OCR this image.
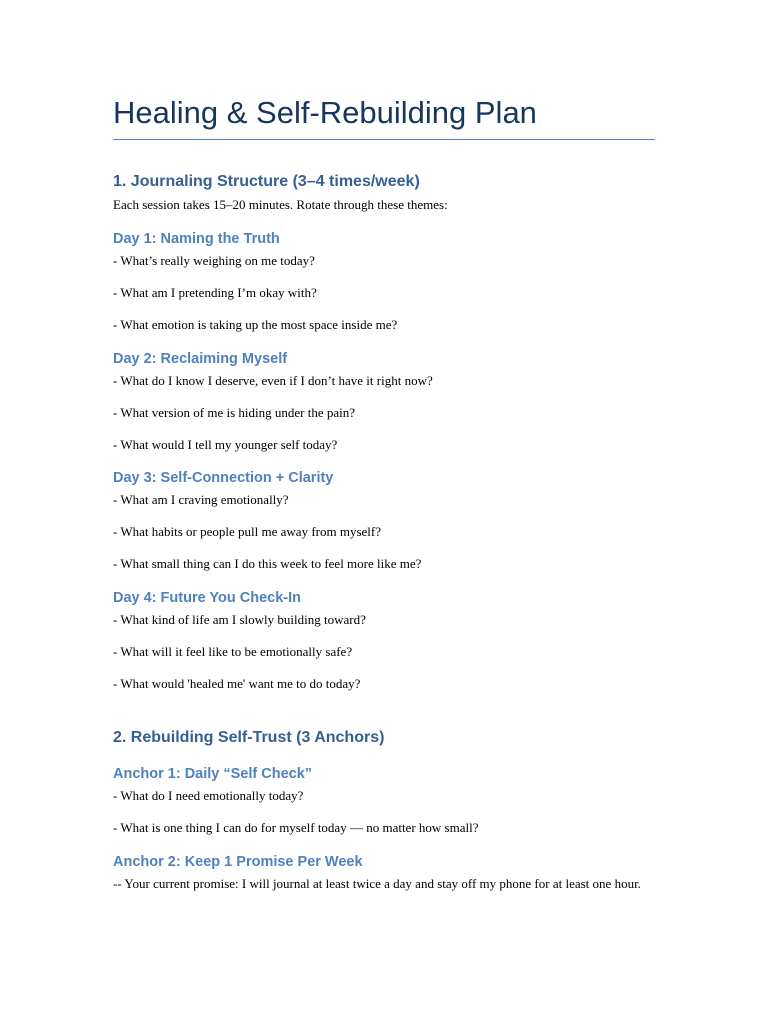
Healing & Self-Rebuilding Plan
1. Journaling Structure (3–4 times/week)

Each session takes 15–20 minutes. Rotate through these themes:

Day 1: Naming the Truth

- What’s really weighing on me today?

- What am I pretending I’m okay with?

- What emotion is taking up the most space inside me?

Day 2: Reclaiming Myself

- What do I know I deserve, even if I don’t have it right now?

- What version of me is hiding under the pain?

- What would I tell my younger self today?

Day 3: Self-Connection + Clarity

- What am I craving emotionally?

- What habits or people pull me away from myself?

- What small thing can I do this week to feel more like me?

Day 4: Future You Check-In

- What kind of life am I slowly building toward?

- What will it feel like to be emotionally safe?

- What would 'healed me' want me to do today?

2. Rebuilding Self-Trust (3 Anchors)
Anchor 1: Daily “Self Check”

- What do I need emotionally today?

- What is one thing I can do for myself today — no matter how small?

Anchor 2: Keep 1 Promise Per Week

-- Your current promise: I will journal at least twice a day and stay off my phone for at least one hour.
